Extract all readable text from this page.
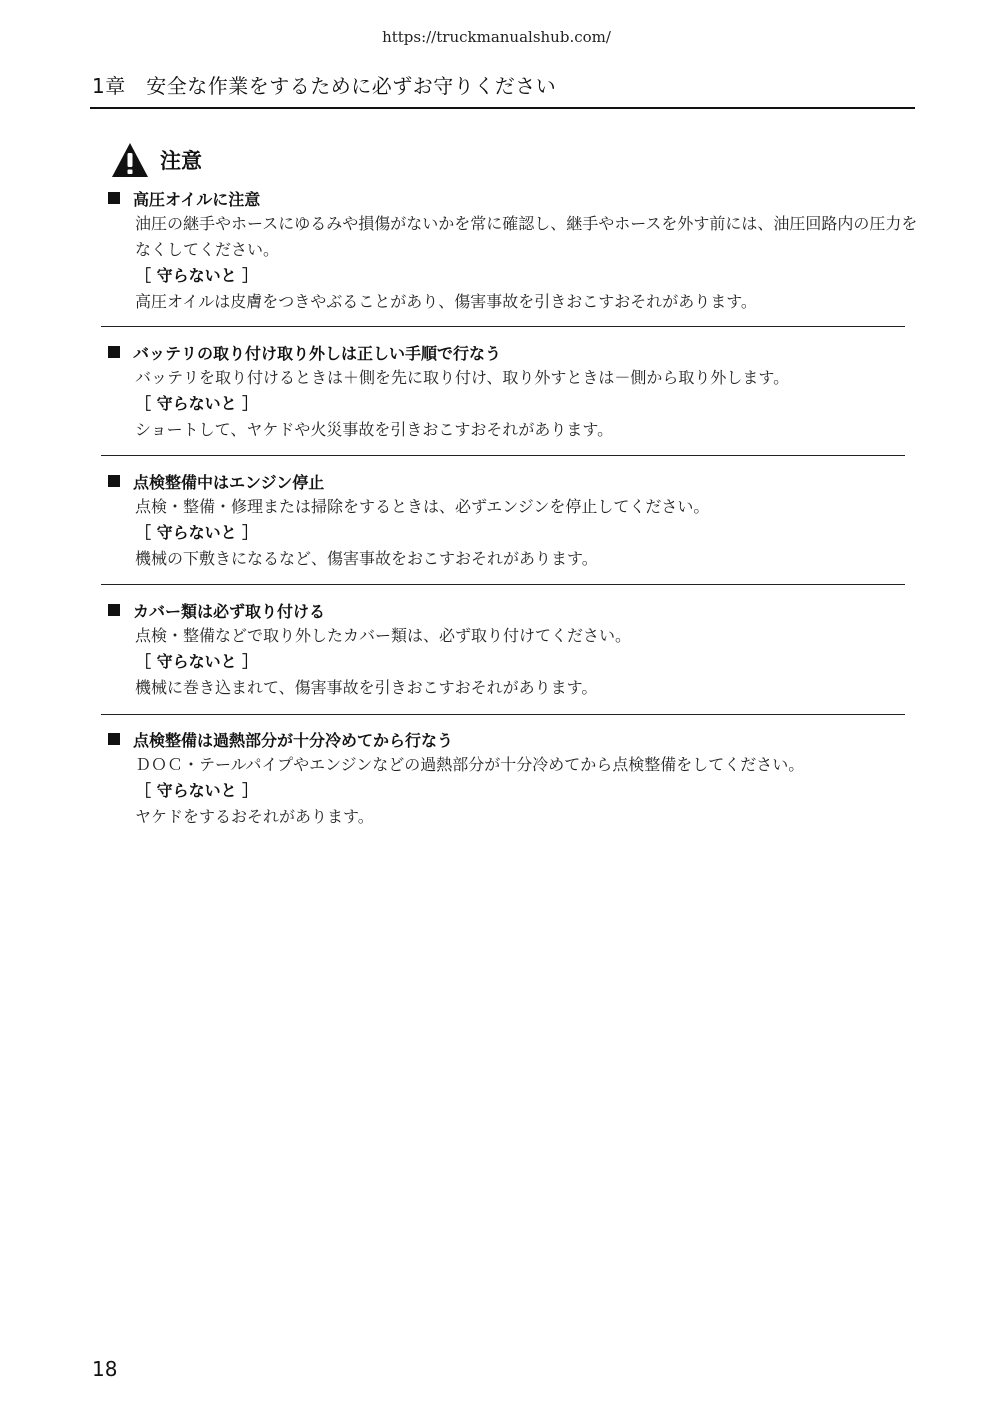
https://truckmanualshub.com/
1章　安全な作業をするために必ずお守りください
注意
高圧オイルに注意
油圧の継手やホースにゆるみや損傷がないかを常に確認し、継手やホースを外す前には、油圧回路内の圧力をなくしてください。
［ 守らないと ］
高圧オイルは皮膚をつきやぶることがあり、傷害事故を引きおこすおそれがあります。
バッテリの取り付け取り外しは正しい手順で行なう
バッテリを取り付けるときは＋側を先に取り付け、取り外すときは－側から取り外します。
［ 守らないと ］
ショートして、ヤケドや火災事故を引きおこすおそれがあります。
点検整備中はエンジン停止
点検・整備・修理または掃除をするときは、必ずエンジンを停止してください。
［ 守らないと ］
機械の下敷きになるなど、傷害事故をおこすおそれがあります。
カバー類は必ず取り付ける
点検・整備などで取り外したカバー類は、必ず取り付けてください。
［ 守らないと ］
機械に巻き込まれて、傷害事故を引きおこすおそれがあります。
点検整備は過熱部分が十分冷めてから行なう
ＤＯＣ・テールパイプやエンジンなどの過熱部分が十分冷めてから点検整備をしてください。
［ 守らないと ］
ヤケドをするおそれがあります。
18
